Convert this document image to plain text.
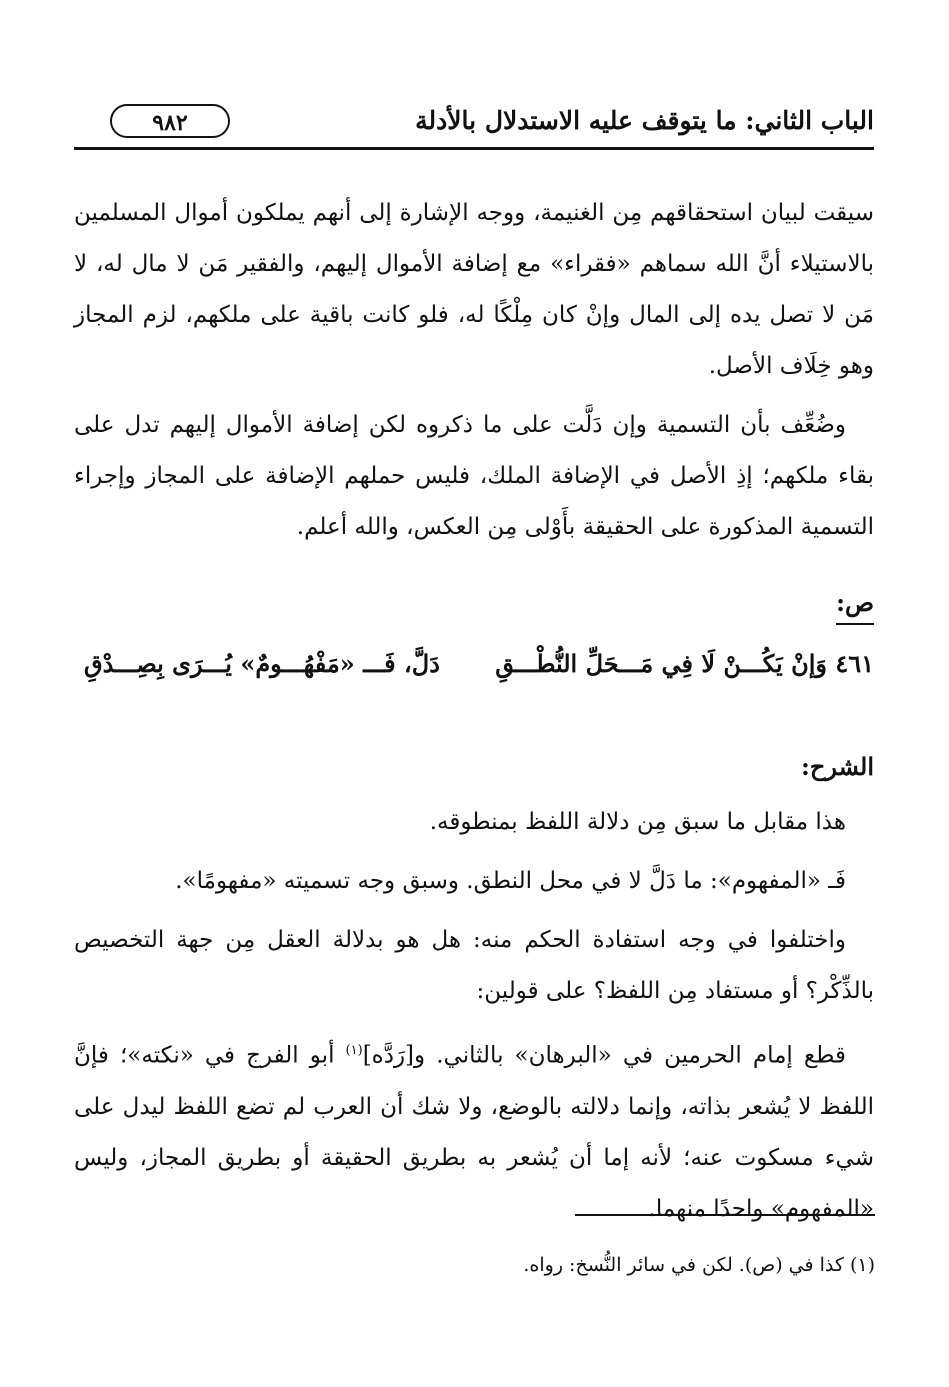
الباب الثاني: ما يتوقف عليه الاستدلال بالأدلة
٩٨٢

سيقت لبيان استحقاقهم مِن الغنيمة، ووجه الإشارة إلى أنهم يملكون أموال المسلمين بالاستيلاء أنَّ الله سماهم «فقراء» مع إضافة الأموال إليهم، والفقير مَن لا مال له، لا مَن لا تصل يده إلى المال وإنْ كان مِلْكًا له، فلو كانت باقية على ملكهم، لزم المجاز وهو خِلَاف الأصل.

وضُعِّف بأن التسمية وإن دَلَّت على ما ذكروه لكن إضافة الأموال إليهم تدل على بقاء ملكهم؛ إذِ الأصل في الإضافة الملك، فليس حملهم الإضافة على المجاز وإجراء التسمية المذكورة على الحقيقة بأَوْلى مِن العكس، والله أعلم.

ص:
٤٦١ وَإنْ يَكُـــنْ لَا فِي مَـــحَلِّ النُّطْـــقِ
دَلَّ، فَـــ «مَفْهُـــومٌ» يُـــرَى بِصِـــدْقِ
الشرح:

هذا مقابل ما سبق مِن دلالة اللفظ بمنطوقه.

فَـ «المفهوم»: ما دَلَّ لا في محل النطق. وسبق وجه تسميته «مفهومًا».

واختلفوا في وجه استفادة الحكم منه: هل هو بدلالة العقل مِن جهة التخصيص بالذِّكْر؟ أو مستفاد مِن اللفظ؟ على قولين:

قطع إمام الحرمين في «البرهان» بالثاني. و[رَدَّه]$^{(١)}$ أبو الفرج في «نكته»؛ فإنَّ اللفظ لا يُشعر بذاته، وإنما دلالته بالوضع، ولا شك أن العرب لم تضع اللفظ ليدل على شيء مسكوت عنه؛ لأنه إما أن يُشعر به بطريق الحقيقة أو بطريق المجاز، وليس «المفهوم» واحدًا منهما.

(١) كذا في (ص). لكن في سائر النُّسخ: رواه.
